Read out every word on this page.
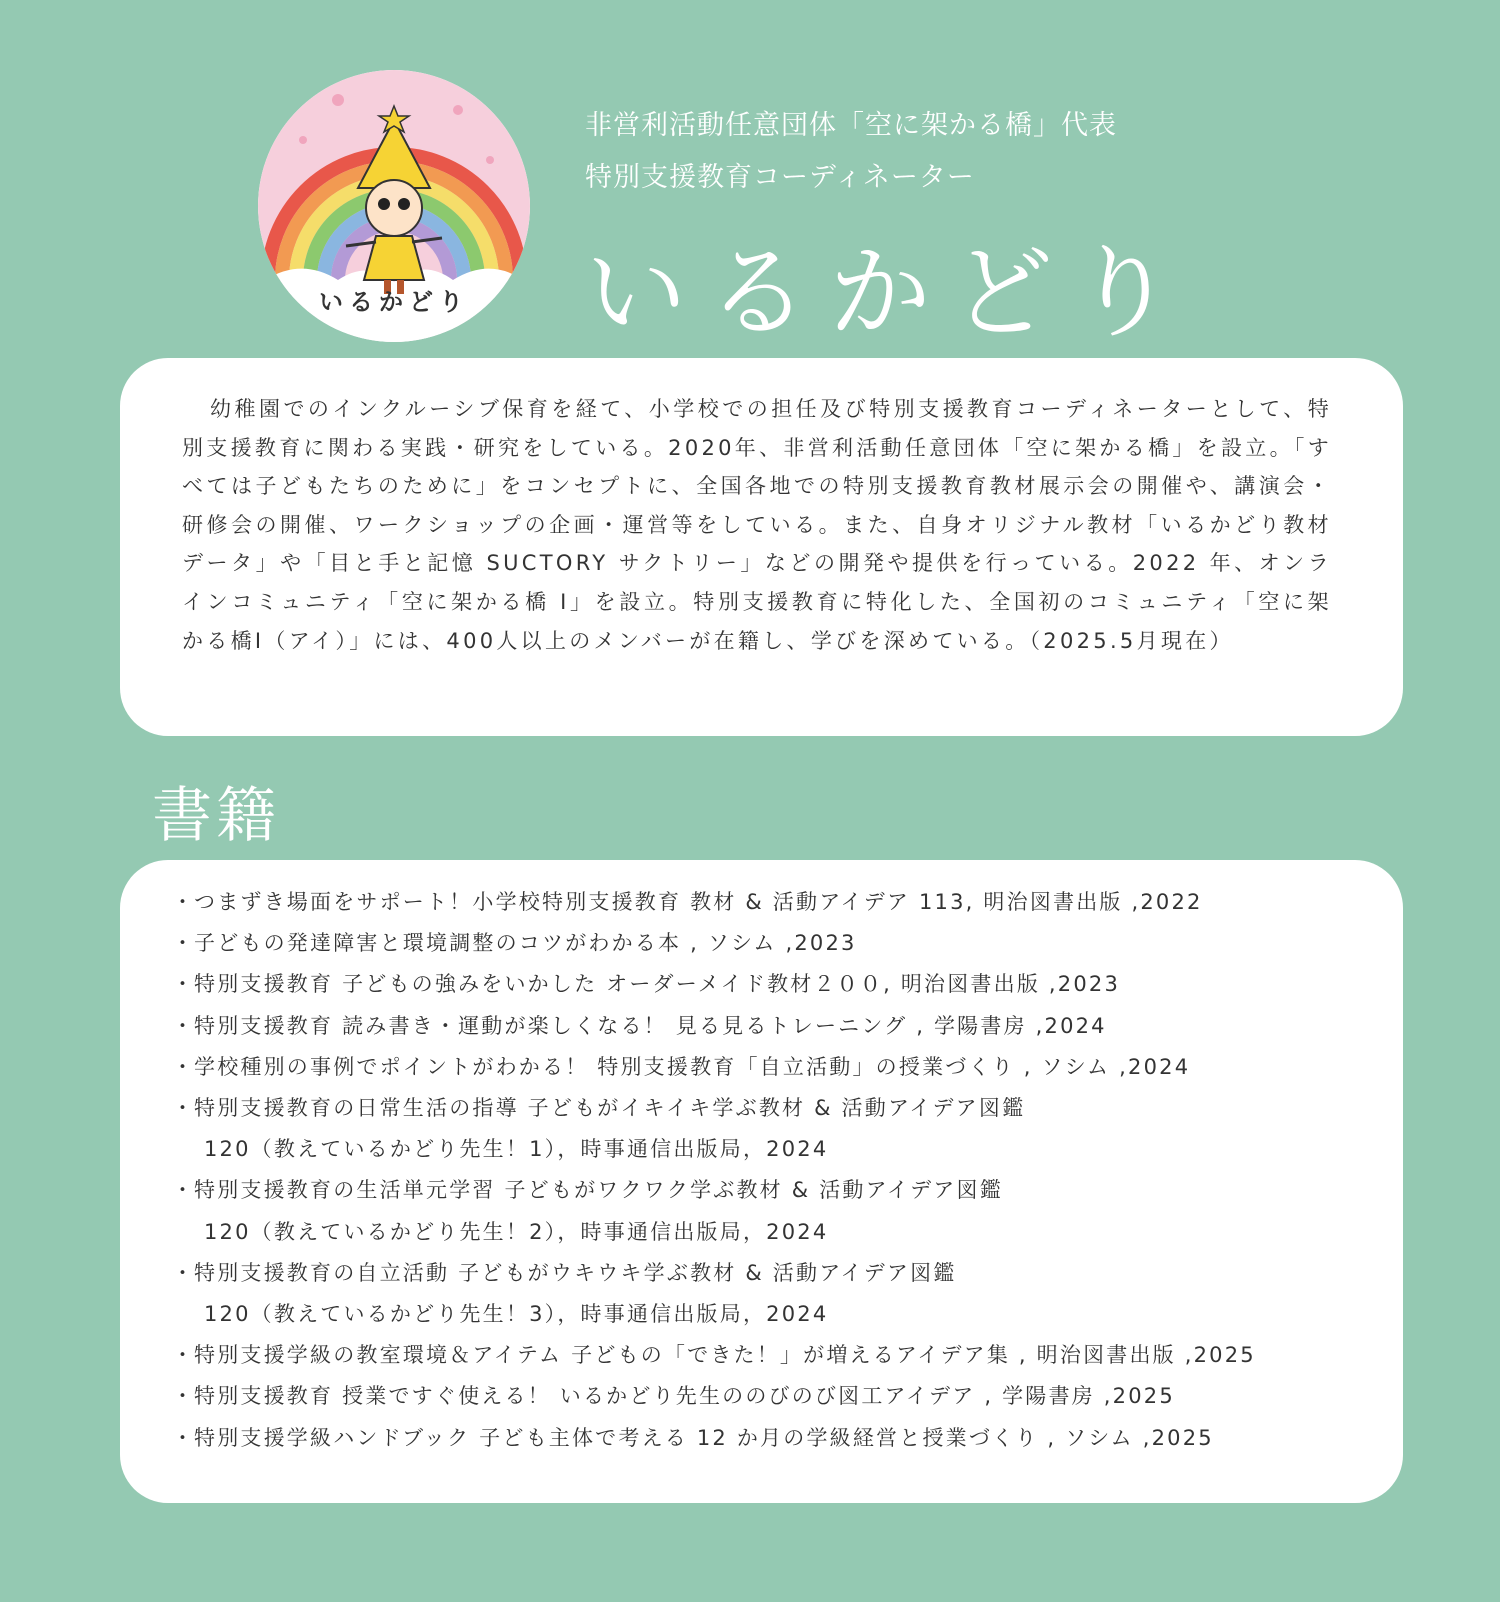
いるかどり
非営利活動任意団体「空に架かる橋」代表
特別支援教育コーディネーター
いるかどり
幼稚園でのインクルーシブ保育を経て、小学校での担任及び特別支援教育コーディネーターとして、特別支援教育に関わる実践・研究をしている。2020年、非営利活動任意団体「空に架かる橋」を設立。「すべては子どもたちのために」をコンセプトに、全国各地での特別支援教育教材展示会の開催や、講演会・研修会の開催、ワークショップの企画・運営等をしている。また、自身オリジナル教材「いるかどり教材データ」や「目と手と記憶 SUCTORY サクトリー」などの開発や提供を行っている。2022 年、オンラインコミュニティ「空に架かる橋 I」を設立。特別支援教育に特化した、全国初のコミュニティ「空に架かる橋Ⅰ（アイ）」には、400人以上のメンバーが在籍し、学びを深めている。（2025.5月現在）
書籍
・
つまずき場面をサポート！小学校特別支援教育 教材 & 活動アイデア 113, 明治図書出版 ,2022
・
子どもの発達障害と環境調整のコツがわかる本 , ソシム ,2023
・
特別支援教育 子どもの強みをいかした オーダーメイド教材２００, 明治図書出版 ,2023
・
特別支援教育 読み書き・運動が楽しくなる！ 見る見るトレーニング , 学陽書房 ,2024
・
学校種別の事例でポイントがわかる！ 特別支援教育「自立活動」の授業づくり , ソシム ,2024
・
特別支援教育の日常生活の指導 子どもがイキイキ学ぶ教材 & 活動アイデア図鑑
120（教えているかどり先生！1），時事通信出版局，2024
・
特別支援教育の生活単元学習 子どもがワクワク学ぶ教材 & 活動アイデア図鑑
120（教えているかどり先生！2），時事通信出版局，2024
・
特別支援教育の自立活動 子どもがウキウキ学ぶ教材 & 活動アイデア図鑑
120（教えているかどり先生！3），時事通信出版局，2024
・
特別支援学級の教室環境＆アイテム 子どもの「できた！」が増えるアイデア集 , 明治図書出版 ,2025
・
特別支援教育 授業ですぐ使える！ いるかどり先生ののびのび図工アイデア , 学陽書房 ,2025
・
特別支援学級ハンドブック 子ども主体で考える 12 か月の学級経営と授業づくり , ソシム ,2025
